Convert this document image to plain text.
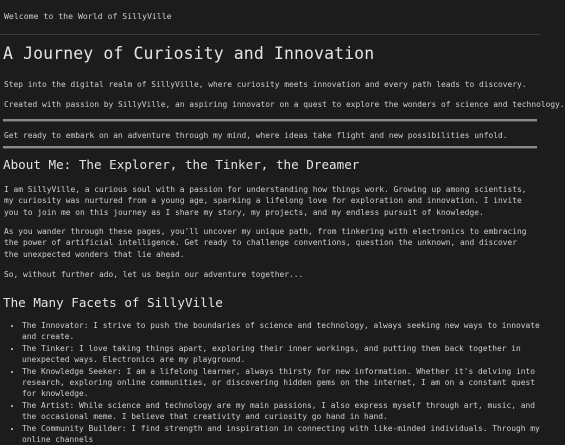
Welcome to the World of SillyVille
A Journey of Curiosity and Innovation
Step into the digital realm of SillyVille, where curiosity meets innovation and every path leads to discovery.
Created with passion by SillyVille, an aspiring innovator on a quest to explore the wonders of science and technology.
Get ready to embark on an adventure through my mind, where ideas take flight and new possibilities unfold.
About Me: The Explorer, the Tinker, the Dreamer
I am SillyVille, a curious soul with a passion for understanding how things work. Growing up among scientists, my curiosity was nurtured from a young age, sparking a lifelong love for exploration and innovation. I invite you to join me on this journey as I share my story, my projects, and my endless pursuit of knowledge.
As you wander through these pages, you'll uncover my unique path, from tinkering with electronics to embracing the power of artificial intelligence. Get ready to challenge conventions, question the unknown, and discover the unexpected wonders that lie ahead.
So, without further ado, let us begin our adventure together...
The Many Facets of SillyVille
• The Innovator: I strive to push the boundaries of science and technology, always seeking new ways to innovate and create.
• The Tinker: I love taking things apart, exploring their inner workings, and putting them back together in unexpected ways. Electronics are my playground.
• The Knowledge Seeker: I am a lifelong learner, always thirsty for new information. Whether it's delving into research, exploring online communities, or discovering hidden gems on the internet, I am on a constant quest for knowledge.
• The Artist: While science and technology are my main passions, I also express myself through art, music, and the occasional meme. I believe that creativity and curiosity go hand in hand.
• The Community Builder: I find strength and inspiration in connecting with like-minded individuals. Through my online channels
